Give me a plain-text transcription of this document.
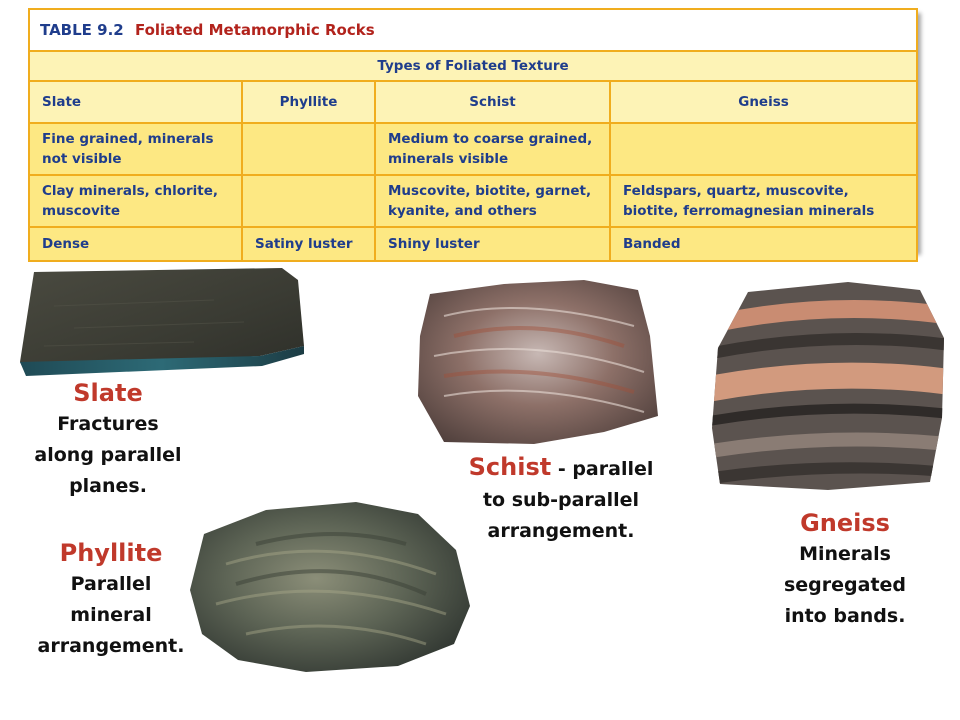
TABLE 9.2 Foliated Metamorphic Rocks			
Types of Foliated Texture			
Slate	Phyllite	Schist	Gneiss
Fine grained, minerals not visible		Medium to coarse grained, minerals visible	
Clay minerals, chlorite, muscovite		Muscovite, biotite, garnet, kyanite, and others	Feldspars, quartz, muscovite, biotite, ferromagnesian minerals
Dense	Satiny luster	Shiny luster	Banded
Slate
Fractures
along parallel
planes.
Phyllite
Parallel
mineral
arrangement.
Schist - parallel
to sub-parallel
arrangement.	Gneiss
Minerals
segregated
into bands.
